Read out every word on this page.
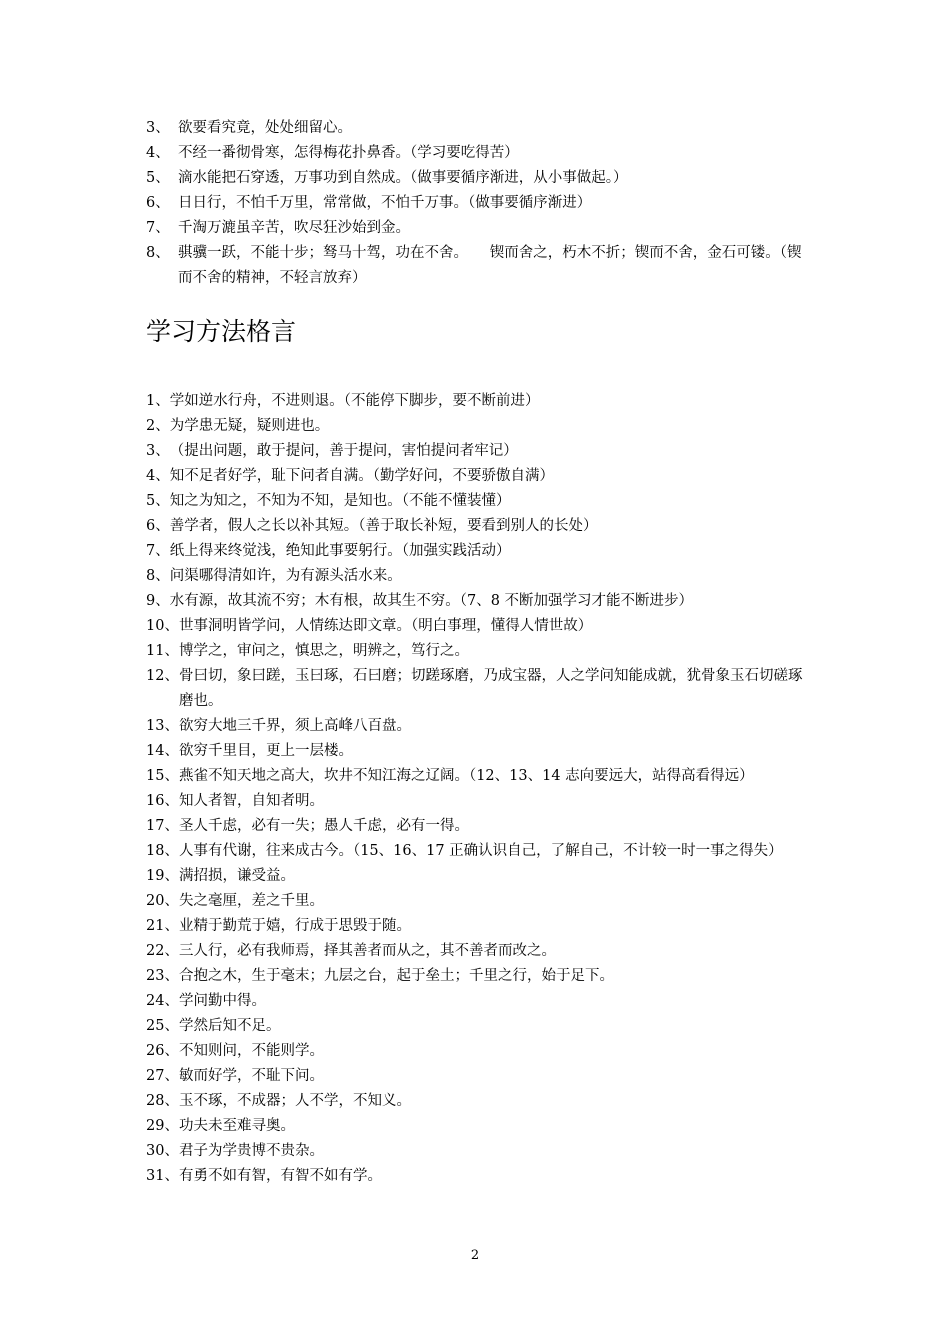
3、 欲要看究竟，处处细留心。
4、 不经一番彻骨寒，怎得梅花扑鼻香。（学习要吃得苦）
5、 滴水能把石穿透，万事功到自然成。（做事要循序渐进，从小事做起。）
6、 日日行，不怕千万里，常常做，不怕千万事。（做事要循序渐进）
7、 千淘万漉虽辛苦，吹尽狂沙始到金。
8、 骐骥一跃，不能十步；驽马十驾，功在不舍。　　锲而舍之，朽木不折；锲而不舍，金石可镂。（锲而不舍的精神，不轻言放弃）
学习方法格言
1、 学如逆水行舟，不进则退。（不能停下脚步，要不断前进）
2、 为学患无疑，疑则进也。
3、 （提出问题，敢于提问，善于提问，害怕提问者牢记）
4、 知不足者好学，耻下问者自满。（勤学好问，不要骄傲自满）
5、 知之为知之，不知为不知，是知也。（不能不懂装懂）
6、 善学者，假人之长以补其短。（善于取长补短，要看到别人的长处）
7、 纸上得来终觉浅，绝知此事要躬行。（加强实践活动）
8、 问渠哪得清如许，为有源头活水来。
9、 水有源，故其流不穷；木有根，故其生不穷。（7、8 不断加强学习才能不断进步）
10、 世事洞明皆学问，人情练达即文章。（明白事理，懂得人情世故）
11、 博学之，审问之，慎思之，明辨之，笃行之。
12、 骨曰切，象曰蹉，玉曰琢，石曰磨；切蹉琢磨，乃成宝器，人之学问知能成就，犹骨象玉石切磋琢磨也。
13、 欲穷大地三千界，须上高峰八百盘。
14、 欲穷千里目，更上一层楼。
15、 燕雀不知天地之高大，坎井不知江海之辽阔。（12、13、14 志向要远大，站得高看得远）
16、 知人者智，自知者明。
17、 圣人千虑，必有一失；愚人千虑，必有一得。
18、 人事有代谢，往来成古今。（15、16、17 正确认识自己，了解自己，不计较一时一事之得失）
19、 满招损，谦受益。
20、 失之毫厘，差之千里。
21、 业精于勤荒于嬉，行成于思毁于随。
22、 三人行，必有我师焉，择其善者而从之，其不善者而改之。
23、 合抱之木，生于毫末；九层之台，起于垒土；千里之行，始于足下。
24、 学问勤中得。
25、 学然后知不足。
26、 不知则问，不能则学。
27、 敏而好学，不耻下问。
28、 玉不琢，不成器；人不学，不知义。
29、 功夫未至难寻奥。
30、 君子为学贵博不贵杂。
31、 有勇不如有智，有智不如有学。
2
